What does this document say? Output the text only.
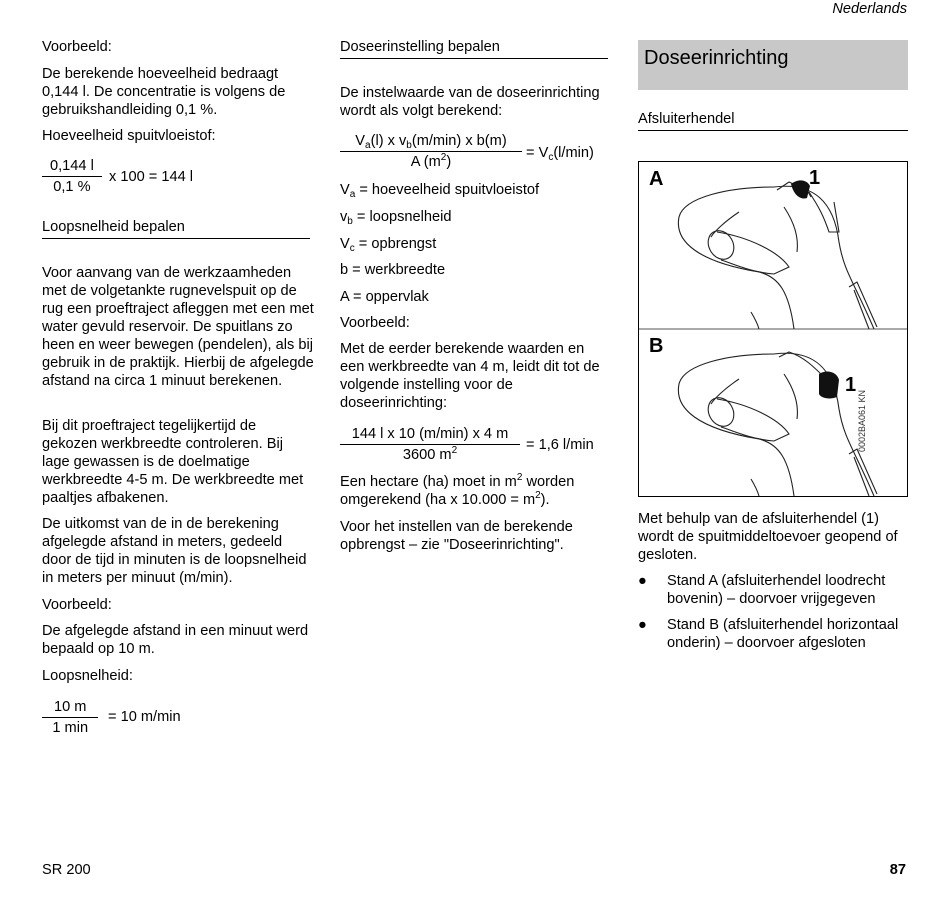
Nederlands
Voorbeeld:

De berekende hoeveelheid bedraagt 0,144 l. De concentratie is volgens de gebruikshandleiding 0,1 %.

Hoeveelheid spuitvloeistof:

$\frac{0,144 l}{0,1 \%}$ x 100 = 144 l
Loopsnelheid bepalen

Voor aanvang van de werkzaamheden met de volgetankte rugnevelspuit op de rug een proeftraject afleggen met een met water gevuld reservoir. De spuitlans zo heen en weer bewegen (pendelen), als bij gebruik in de praktijk. Hierbij de afgelegde afstand na circa 1 minuut berekenen.

Bij dit proeftraject tegelijkertijd de gekozen werkbreedte controleren. Bij lage gewassen is de doelmatige werkbreedte 4-5 m. De werkbreedte met paaltjes afbakenen.

De uitkomst van de in de berekening afgelegde afstand in meters, gedeeld door de tijd in minuten is de loopsnelheid in meters per minuut (m/min).

Voorbeeld:

De afgelegde afstand in een minuut werd bepaald op 10 m.

Loopsnelheid:

10 m
1 min
= 10 m/min
Doseerinstelling bepalen

De instelwaarde van de doseerinrichting wordt als volgt berekend:

$V_a(l)$ x $v_b(m/\min)$ x b(m)
A $(m^2)$
= $V_c(l/\min)$
$V_a$ = hoeveelheid spuitvloeistof
$v_b$ = loopsnelheid
$V_c$ = opbrengst
b = werkbreedte
A = oppervlak
Voorbeeld:

Met de eerder berekende waarden en een werkbreedte van 4 m, leidt dit tot de volgende instelling voor de doseerinrichting:

144 l x 10 (m/min) x 4 m
3600 $m^2$	= 1,6 l/min

Een hectare (ha) moet in $m^2$ worden omgerekend (ha x $10.000 = m^2$).

Voor het instellen van de berekende opbrengst – zie "Doseerinrichting".

Doseerinrichting
Afsluiterhendel
A	1
B
1
0002BA061 KN

Met behulp van de afsluiterhendel (1) wordt de spuitmiddeltoevoer geopend of gesloten.

● Stand A (afsluiterhendel loodrecht bovenin) – doorvoer vrijgegeven
● Stand B (afsluiterhendel horizontaal onderin) – doorvoer afgesloten
SR 200	87
